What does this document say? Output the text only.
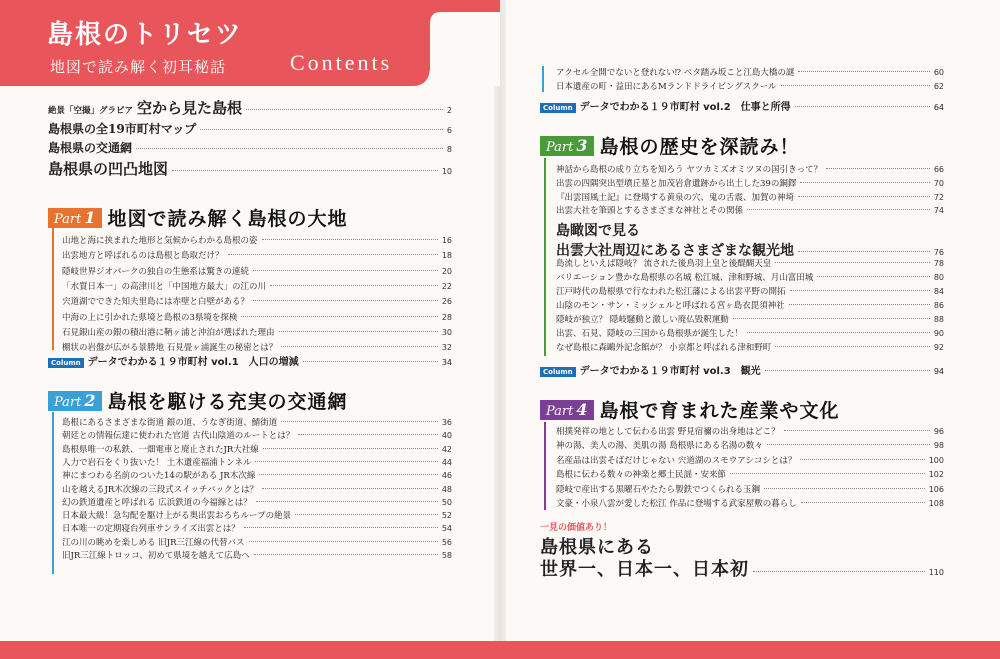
島根のトリセツ
地図で読み解く初耳秘話	Contents
絶景「空撮」グラビア 空から見た島根	2
島根県の全19市町村マップ	6
島根県の交通網	8
島根県の凹凸地図	10
Part 1 地図で読み解く島根の大地
山地と海に挟まれた地形と気候からわかる島根の姿	16
出雲地方と呼ばれるのは島根と島取だけ？	18
隠岐世界ジオパークの独自の生態系は驚きの連続	20
「水質日本一」の高津川と「中国地方最大」の江の川	22
宍道湖でできた知夫里島には赤壁と白壁がある？	26
中海の上に引かれた県境と島根の3県境を探検	28
石見銀山産の銀の積出港に鞆ヶ浦と沖泊が選ばれた理由	30
棚状の岩盤が広がる景勝地 石見畳ヶ浦誕生の秘密とは？	32
Column データでわかる１９市町村 vol.1　人口の増減	34
Part 2 島根を駆ける充実の交通網
島根にあるさまざまな街道 銀の道、うなぎ街道、鯖街道	36
朝廷との情報伝達に使われた官道 古代山陰道のルートとは？	40
島根県唯一の私鉄、一畑電車と廃止されたJR大社線	42
人力で岩石をくり抜いた！ 土木遺産福浦トンネル	44
神にまつわる名前のついた14の駅がある JR木次線	46
山を越えるJR木次線の三段式スイッチバックとは？	48
幻の鉄道遺産と呼ばれる 広浜鉄道の今福線とは？	50
日本最大級！急勾配を駆け上がる奥出雲おろちループの絶景	52
日本唯一の定期寝台列車サンライズ出雲とは？	54
江の川の眺めを楽しめる 旧JR三江線の代替バス	56
旧JR三江線トロッコ、初めて県境を越えて広島へ	58
アクセル全開でないと登れない⁉ ベタ踏み坂こと江島大橋の謎	60
日本遺産の町・益田にあるMランドドライビングスクール	62
Column データでわかる１９市町村 vol.2　仕事と所得	64
Part 3 島根の歴史を深読み！
神話から島根の成り立ちを知ろう ヤツカミズオミツヌの国引きって？	66
出雲の四隅突出型墳丘墓と加茂岩倉遺跡から出土した39の銅鐸	70
『出雲国風土記』に登場する黄泉の穴、鬼の舌震、加賀の神埼	72
出雲大社を筆頭とするさまざまな神社とその関係	74
島瞰図で見る
出雲大社周辺にあるさまざまな観光地	76
島流しといえば隠岐？ 流された後鳥羽上皇と後醍醐天皇	78
バリエーション豊かな島根県の名城 松江城、津和野城、月山富田城	80
江戸時代の島根県で行なわれた松江藩による出雲平野の開拓	84
山陰のモン・サン・ミッシェルと呼ばれる宮ヶ島衣毘須神社	86
隠岐が独立？ 隠岐騒動と激しい廃仏毀釈運動	88
出雲、石見、隠岐の三国から島根県が誕生した！	90
なぜ島根に森鷗外記念館が？ 小京都と呼ばれる津和野町	92
Column データでわかる１９市町村 vol.3　観光	94
Part 4 島根で育まれた産業や文化
相撲発祥の地として伝わる出雲 野見宿禰の出身地はどこ？	96
神の湯、美人の湯、美肌の湯 島根県にある名湯の数々	98
名産品は出雲そばだけじゃない 宍道湖のスモウアシコシとは？	100
島根に伝わる数々の神楽と郷土民謡・安来節	102
隠岐で産出する黒曜石やたたら製鉄でつくられる玉鋼	106
文豪・小泉八雲が愛した松江 作品に登場する武家屋敷の暮らし	108
一見の価値あり！
島根県にある
世界一、日本一、日本初	110
